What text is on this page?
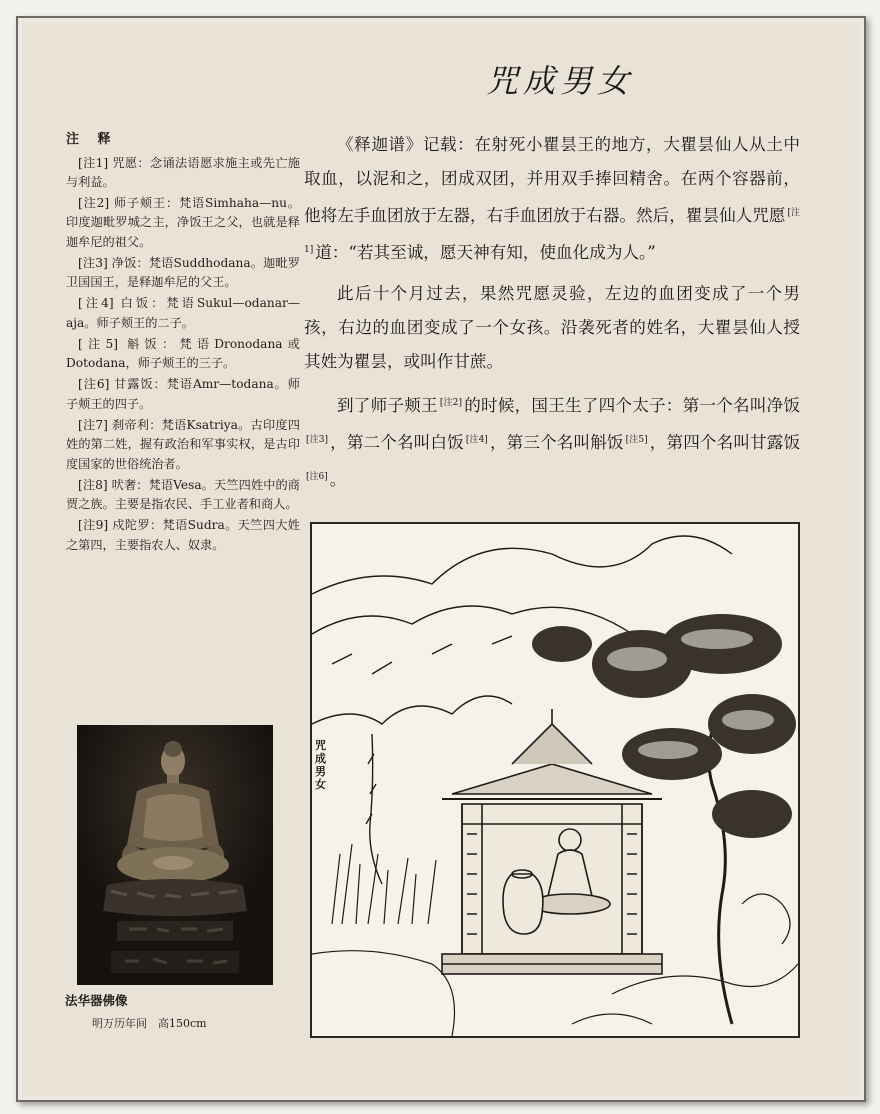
咒成男女
注 释
[注1] 咒愿：念诵法语愿求施主或先亡施与利益。
[注2] 师子颊王：梵语Simhaha—nu。印度迦毗罗城之主，净饭王之父，也就是释迦牟尼的祖父。
[注3] 净饭：梵语Suddhodana。迦毗罗卫国国王，是释迦牟尼的父王。
[注4] 白饭：梵语Sukul—odanar—aja。师子颊王的二子。
[注5] 斛饭：梵语Dronodana或Dotodana，师子颊王的三子。
[注6] 甘露饭：梵语Amr—todana。师子颊王的四子。
[注7] 刹帝利：梵语Ksatriya。古印度四姓的第二姓，握有政治和军事实权，是古印度国家的世俗统治者。
[注8] 吠奢：梵语Vesa。天竺四姓中的商贾之族。主要是指农民、手工业者和商人。
[注9] 戍陀罗：梵语Sudra。天竺四大姓之第四，主要指农人、奴隶。
法华器佛像
明万历年间　高150cm

《释迦谱》记载：在射死小瞿昙王的地方，大瞿昙仙人从土中取血，以泥和之，团成双团，并用双手捧回精舍。在两个容器前，他将左手血团放于左器，右手血团放于右器。然后，瞿昙仙人咒愿 [注1] 道：“若其至诚，愿天神有知，使血化成为人。”

此后十个月过去，果然咒愿灵验，左边的血团变成了一个男孩，右边的血团变成了一个女孩。沿袭死者的姓名，大瞿昙仙人授其姓为瞿昙，或叫作甘蔗。

到了师子颊王 [注2] 的时候，国王生了四个太子：第一个名叫净饭[注3] ，第二个名叫白饭 [注4] ，第三个名叫斛饭 [注5] ，第四个名叫甘露饭[注6] 。

咒成男女
